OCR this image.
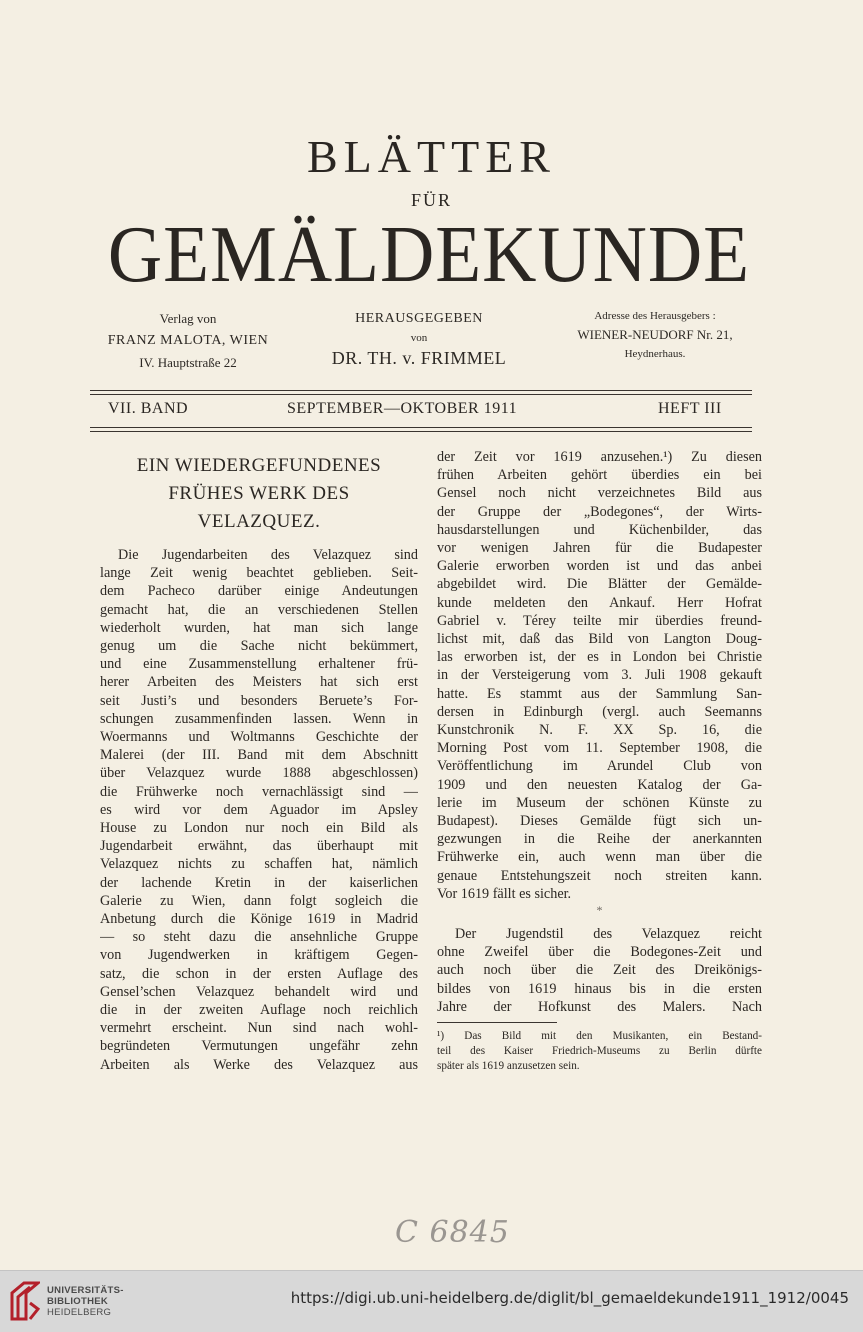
BLÄTTER
FÜR
GEMÄLDEKUNDE
Verlag von
FRANZ MALOTA, WIEN
IV. Hauptstraße 22
HERAUSGEGEBEN
von
DR. TH. v. FRIMMEL
Adresse des Herausgebers :
WIENER-NEUDORF Nr. 21,
Heydnerhaus.
VII. BAND	SEPTEMBER—OKTOBER 1911	HEFT III
EIN WIEDERGEFUNDENES
FRÜHES WERK DES
VELAZQUEZ.
Die Jugendarbeiten des Velazquez sind
lange Zeit wenig beachtet geblieben. Seit-
dem Pacheco darüber einige Andeutungen
gemacht hat, die an verschiedenen Stellen
wiederholt wurden, hat man sich lange
genug um die Sache nicht bekümmert,
und eine Zusammenstellung erhaltener frü-
herer Arbeiten des Meisters hat sich erst
seit Justi’s und besonders Beruete’s For-
schungen zusammenfinden lassen. Wenn in
Woermanns und Woltmanns Geschichte der
Malerei (der III. Band mit dem Abschnitt
über Velazquez wurde 1888 abgeschlossen)
die Frühwerke noch vernachlässigt sind —
es wird vor dem Aguador im Apsley
House zu London nur noch ein Bild als
Jugendarbeit erwähnt, das überhaupt mit
Velazquez nichts zu schaffen hat, nämlich
der lachende Kretin in der kaiserlichen
Galerie zu Wien, dann folgt sogleich die
Anbetung durch die Könige 1619 in Madrid
— so steht dazu die ansehnliche Gruppe
von Jugendwerken in kräftigem Gegen-
satz, die schon in der ersten Auflage des
Gensel’schen Velazquez behandelt wird und
die in der zweiten Auflage noch reichlich
vermehrt erscheint. Nun sind nach wohl-
begründeten Vermutungen ungefähr zehn
Arbeiten als Werke des Velazquez aus
der Zeit vor 1619 anzusehen.¹) Zu diesen
frühen Arbeiten gehört überdies ein bei
Gensel noch nicht verzeichnetes Bild aus
der Gruppe der „Bodegones“, der Wirts-
hausdarstellungen und Küchenbilder, das
vor wenigen Jahren für die Budapester
Galerie erworben worden ist und das anbei
abgebildet wird. Die Blätter der Gemälde-
kunde meldeten den Ankauf. Herr Hofrat
Gabriel v. Térey teilte mir überdies freund-
lichst mit, daß das Bild von Langton Doug-
las erworben ist, der es in London bei Christie
in der Versteigerung vom 3. Juli 1908 gekauft
hatte. Es stammt aus der Sammlung San-
dersen in Edinburgh (vergl. auch Seemanns
Kunstchronik N. F. XX Sp. 16, die
Morning Post vom 11. September 1908, die
Veröffentlichung im Arundel Club von
1909 und den neuesten Katalog der Ga-
lerie im Museum der schönen Künste zu
Budapest). Dieses Gemälde fügt sich un-
gezwungen in die Reihe der anerkannten
Frühwerke ein, auch wenn man über die
genaue Entstehungszeit noch streiten kann.
Vor 1619 fällt es sicher.
*
Der Jugendstil des Velazquez reicht
ohne Zweifel über die Bodegones-Zeit und
auch noch über die Zeit des Dreikönigs-
bildes von 1619 hinaus bis in die ersten
Jahre der Hofkunst des Malers. Nach
¹) Das Bild mit den Musikanten, ein Bestand-
teil des Kaiser Friedrich-Museums zu Berlin dürfte
später als 1619 anzusetzen sein.
C 6845
UNIVERSITÄTS-
BIBLIOTHEK
HEIDELBERG
https://digi.ub.uni-heidelberg.de/diglit/bl_gemaeldekunde1911_1912/0045
